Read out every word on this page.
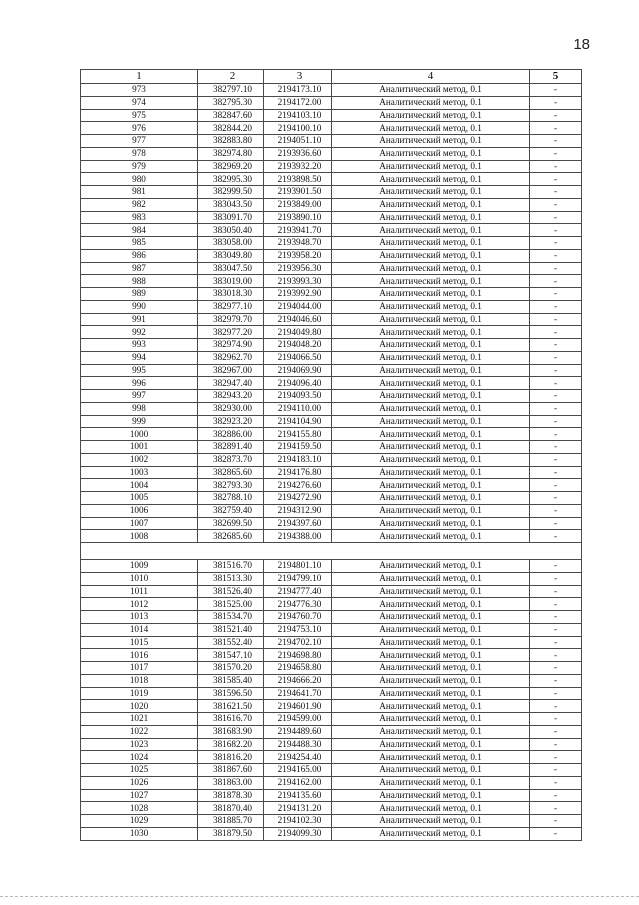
18
1	2	3	4	5
973	382797.10	2194173.10	Аналитический метод, 0.1	-
974	382795.30	2194172.00	Аналитический метод, 0.1	-
975	382847.60	2194103.10	Аналитический метод, 0.1	-
976	382844.20	2194100.10	Аналитический метод, 0.1	-
977	382883.80	2194051.10	Аналитический метод, 0.1	-
978	382974.80	2193936.60	Аналитический метод, 0.1	-
979	382969.20	2193932.20	Аналитический метод, 0.1	-
980	382995.30	2193898.50	Аналитический метод, 0.1	-
981	382999.50	2193901.50	Аналитический метод, 0.1	-
982	383043.50	2193849.00	Аналитический метод, 0.1	-
983	383091.70	2193890.10	Аналитический метод, 0.1	-
984	383050.40	2193941.70	Аналитический метод, 0.1	-
985	383058.00	2193948.70	Аналитический метод, 0.1	-
986	383049.80	2193958.20	Аналитический метод, 0.1	-
987	383047.50	2193956.30	Аналитический метод, 0.1	-
988	383019.00	2193993.30	Аналитический метод, 0.1	-
989	383018.30	2193992.90	Аналитический метод, 0.1	-
990	382977.10	2194044.00	Аналитический метод, 0.1	-
991	382979.70	2194046.60	Аналитический метод, 0.1	-
992	382977.20	2194049.80	Аналитический метод, 0.1	-
993	382974.90	2194048.20	Аналитический метод, 0.1	-
994	382962.70	2194066.50	Аналитический метод, 0.1	-
995	382967.00	2194069.90	Аналитический метод, 0.1	-
996	382947.40	2194096.40	Аналитический метод, 0.1	-
997	382943.20	2194093.50	Аналитический метод, 0.1	-
998	382930.00	2194110.00	Аналитический метод, 0.1	-
999	382923.20	2194104.90	Аналитический метод, 0.1	-
1000	382886.00	2194155.80	Аналитический метод, 0.1	-
1001	382891.40	2194159.50	Аналитический метод, 0.1	-
1002	382873.70	2194183.10	Аналитический метод, 0.1	-
1003	382865.60	2194176.80	Аналитический метод, 0.1	-
1004	382793.30	2194276.60	Аналитический метод, 0.1	-
1005	382788.10	2194272.90	Аналитический метод, 0.1	-
1006	382759.40	2194312.90	Аналитический метод, 0.1	-
1007	382699.50	2194397.60	Аналитический метод, 0.1	-
1008	382685.60	2194388.00	Аналитический метод, 0.1	-

1009	381516.70	2194801.10	Аналитический метод, 0.1	-
1010	381513.30	2194799.10	Аналитический метод, 0.1	-
1011	381526.40	2194777.40	Аналитический метод, 0.1	-
1012	381525.00	2194776.30	Аналитический метод, 0.1	-
1013	381534.70	2194760.70	Аналитический метод, 0.1	-
1014	381521.40	2194753.10	Аналитический метод, 0.1	-
1015	381552.40	2194702.10	Аналитический метод, 0.1	-
1016	381547.10	2194698.80	Аналитический метод, 0.1	-
1017	381570.20	2194658.80	Аналитический метод, 0.1	-
1018	381585.40	2194666.20	Аналитический метод, 0.1	-
1019	381596.50	2194641.70	Аналитический метод, 0.1	-
1020	381621.50	2194601.90	Аналитический метод, 0.1	-
1021	381616.70	2194599.00	Аналитический метод, 0.1	-
1022	381683.90	2194489.60	Аналитический метод, 0.1	-
1023	381682.20	2194488.30	Аналитический метод, 0.1	-
1024	381816.20	2194254.40	Аналитический метод, 0.1	-
1025	381867.60	2194165.00	Аналитический метод, 0.1	-
1026	381863.00	2194162.00	Аналитический метод, 0.1	-
1027	381878.30	2194135.60	Аналитический метод, 0.1	-
1028	381870.40	2194131.20	Аналитический метод, 0.1	-
1029	381885.70	2194102.30	Аналитический метод, 0.1	-
1030	381879.50	2194099.30	Аналитический метод, 0.1	-
